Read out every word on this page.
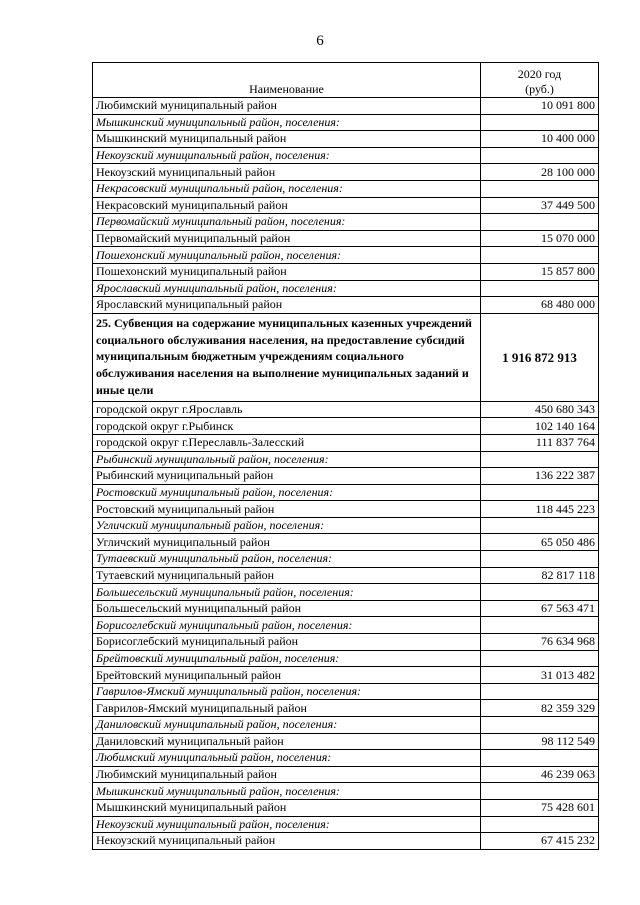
6
Наименование	2020 год
(руб.)

Любимский муниципальный район	10 091 800
Мышкинский муниципальный район, поселения:	
Мышкинский муниципальный район	10 400 000
Некоузский муниципальный район, поселения:	
Некоузский муниципальный район	28 100 000
Некрасовский муниципальный район, поселения:	
Некрасовский муниципальный район	37 449 500
Первомайский муниципальный район, поселения:	
Первомайский муниципальный район	15 070 000
Пошехонский муниципальный район, поселения:	
Пошехонский муниципальный район	15 857 800
Ярославский муниципальный район, поселения:	
Ярославский муниципальный район	68 480 000
25. Субвенция на содержание муниципальных казенных учреждений социального обслуживания населения, на предоставление субсидий муниципальным бюджетным учреждениям социального обслуживания населения на выполнение муниципальных заданий и иные цели	1 916 872 913
городской округ г.Ярославль	450 680 343
городской округ г.Рыбинск	102 140 164
городской округ г.Переславль-Залесский	111 837 764
Рыбинский муниципальный район, поселения:	
Рыбинский муниципальный район	136 222 387
Ростовский муниципальный район, поселения:	
Ростовский муниципальный район	118 445 223
Угличский муниципальный район, поселения:	
Угличский муниципальный район	65 050 486
Тутаевский муниципальный район, поселения:	
Тутаевский муниципальный район	82 817 118
Большесельский муниципальный район, поселения:	
Большесельский муниципальный район	67 563 471
Борисоглебский муниципальный район, поселения:	
Борисоглебский муниципальный район	76 634 968
Брейтовский муниципальный район, поселения:	
Брейтовский муниципальный район	31 013 482
Гаврилов-Ямский муниципальный район, поселения:	
Гаврилов-Ямский муниципальный район	82 359 329
Даниловский муниципальный район, поселения:	
Даниловский муниципальный район	98 112 549
Любимский муниципальный район, поселения:	
Любимский муниципальный район	46 239 063
Мышкинский муниципальный район, поселения:	
Мышкинский муниципальный район	75 428 601
Некоузский муниципальный район, поселения:	
Некоузский муниципальный район	67 415 232
